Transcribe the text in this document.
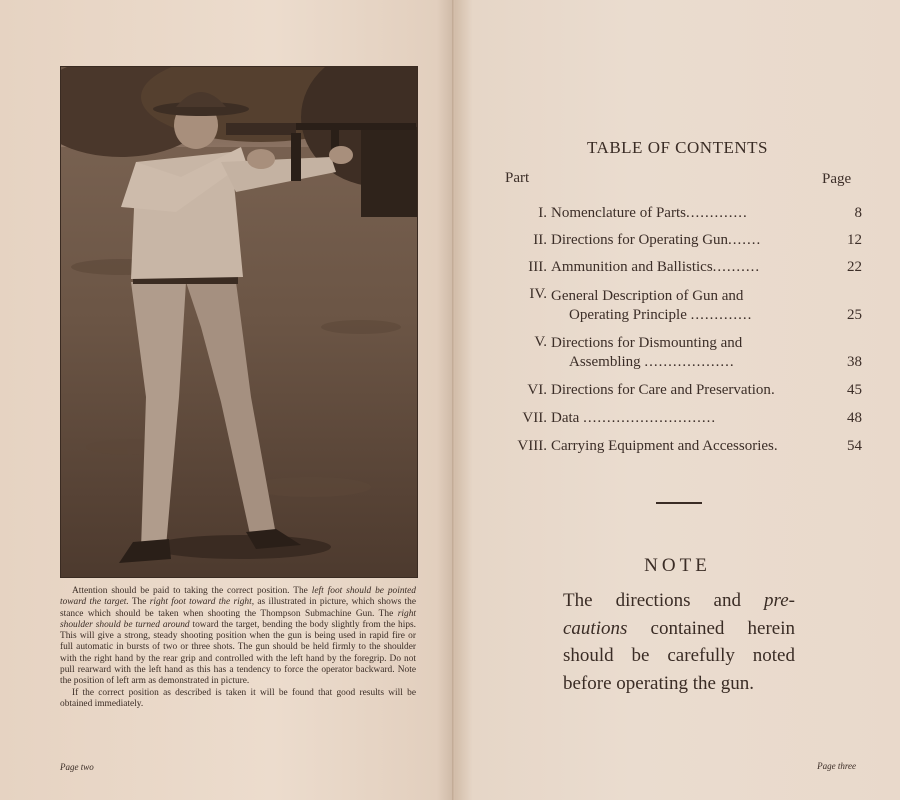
Attention should be paid to taking the correct position. The left foot should be pointed toward the target. The right foot toward the right, as illustrated in picture, which shows the stance which should be taken when shooting the Thompson Submachine Gun. The right shoulder should be turned around toward the target, bending the body slightly from the hips. This will give a strong, steady shooting position when the gun is being used in rapid fire or full automatic in bursts of two or three shots. The gun should be held firmly to the shoulder with the right hand by the rear grip and controlled with the left hand by the foregrip. Do not pull rearward with the left hand as this has a tendency to force the operator backward. Note the position of left arm as demonstrated in picture.

If the correct position as described is taken it will be found that good results will be obtained immediately.

Page two
TABLE OF CONTENTS
Part	Page
I. Nomenclature of Parts.............	8
II. Directions for Operating Gun.......	12
III. Ammunition and Ballistics..........	22
IV. General Description of Gun and
Operating Principle .............	25
V. Directions for Dismounting and
Assembling ...................	38
VI. Directions for Care and Preservation.	45
VII. Data ............................	48
VIII. Carrying Equipment and Accessories.	54
NOTE
The directions and pre- cautions contained herein should be carefully noted before operating the gun.
Page three
